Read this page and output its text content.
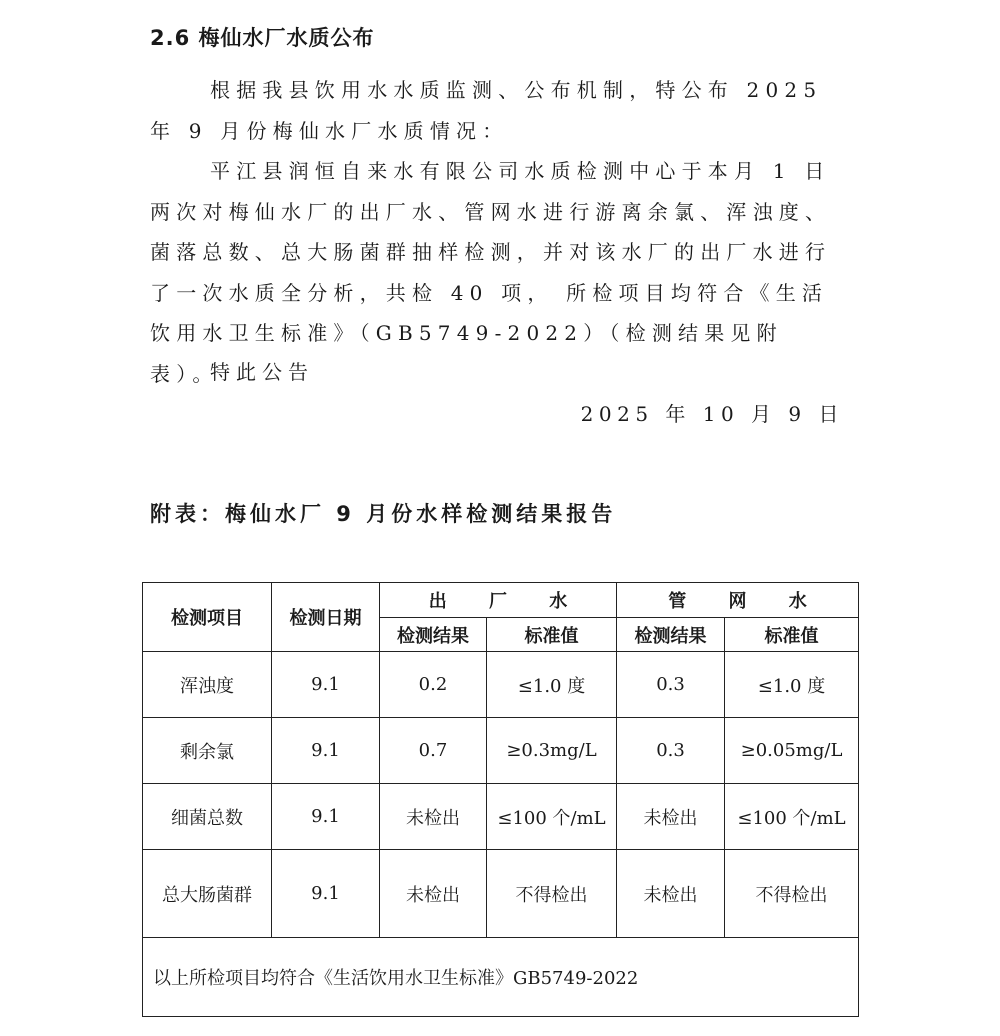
2.6 梅仙水厂水质公布

根据我县饮用水水质监测、公布机制，特公布 2025 年 9 月份梅仙水厂水质情况：

平江县润恒自来水有限公司水质检测中心于本月 1 日两次对梅仙水厂的出厂水、管网水进行游离余氯、浑浊度、菌落总数、总大肠菌群抽样检测，并对该水厂的出厂水进行了一次水质全分析，共检 40 项， 所检项目均符合《生活饮用水卫生标准》（GB5749-2022）（检测结果见附表）。

特此公告
2025 年 10 月 9 日
附表：梅仙水厂 9 月份水样检测结果报告
检测项目	检测日期	出 厂 水		管 网 水	
		检测结果	标准值	检测结果	标准值
浑浊度	9.1	0.2	≤1.0 度	0.3	≤1.0 度
剩余氯	9.1	0.7	≥0.3mg/L	0.3	≥0.05mg/L
细菌总数	9.1	未检出	≤100 个/mL	未检出	≤100 个/mL
总大肠菌群	9.1	未检出	不得检出	未检出	不得检出
以上所检项目均符合《生活饮用水卫生标准》GB5749-2022					
